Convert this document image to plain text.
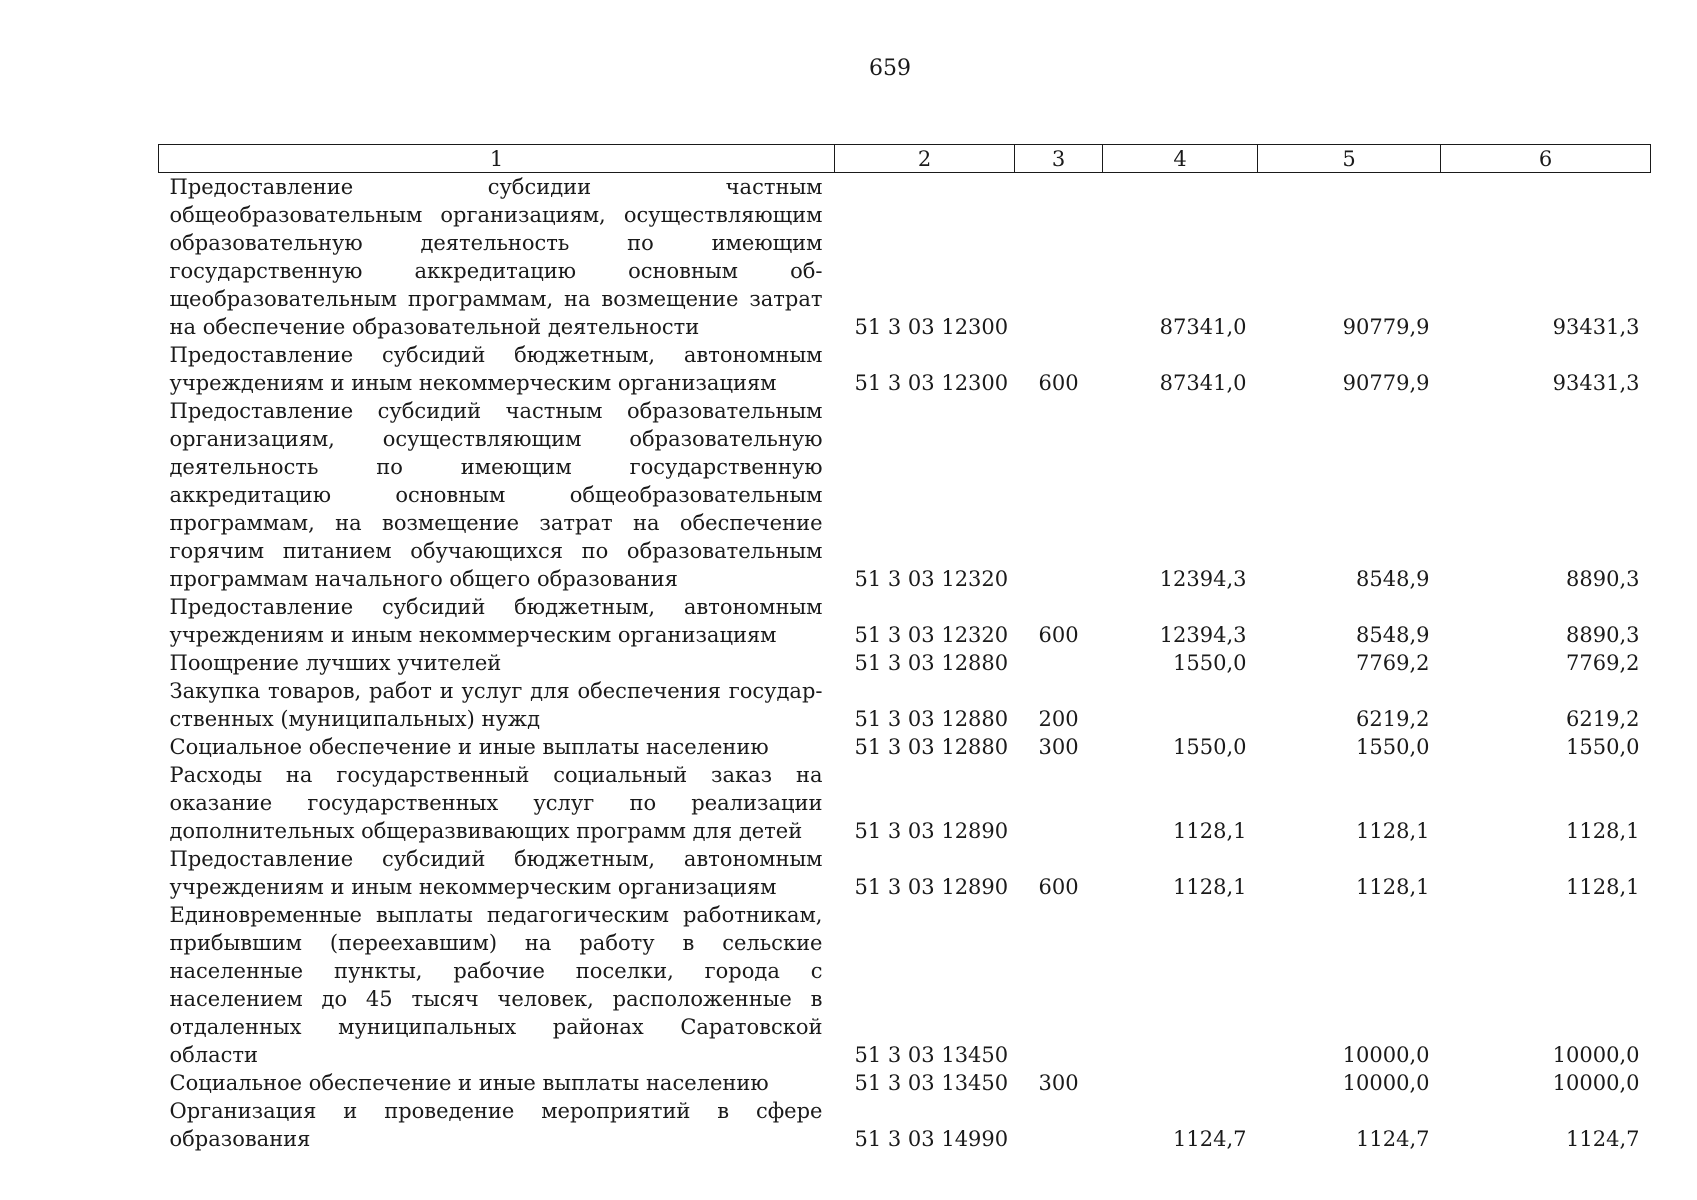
659
1	2	3	4	5	6
Предоставление субсидии частным общеобразовательным организациям, осуществляющим образовательную деятельность по имеющим государственную аккредитацию основным общеобразовательным программам, на возмещение затрат на обеспечение образовательной деятельности	51 3 03 12300		87341,0	90779,9	93431,3
Предоставление субсидий бюджетным, автономным учреждениям и иным некоммерческим организациям	51 3 03 12300	600	87341,0	90779,9	93431,3
Предоставление субсидий частным образовательным организациям, осуществляющим образовательную деятельность по имеющим государственную аккредитацию основным общеобразовательным программам, на возмещение затрат на обеспечение горячим питанием обучающихся по образовательным программам начального общего образования	51 3 03 12320		12394,3	8548,9	8890,3
Предоставление субсидий бюджетным, автономным учреждениям и иным некоммерческим организациям	51 3 03 12320	600	12394,3	8548,9	8890,3
Поощрение лучших учителей	51 3 03 12880		1550,0	7769,2	7769,2
Закупка товаров, работ и услуг для обеспечения государственных (муниципальных) нужд	51 3 03 12880	200		6219,2	6219,2
Социальное обеспечение и иные выплаты населению	51 3 03 12880	300	1550,0	1550,0	1550,0
Расходы на государственный социальный заказ на оказание государственных услуг по реализации дополнительных общеразвивающих программ для детей	51 3 03 12890		1128,1	1128,1	1128,1
Предоставление субсидий бюджетным, автономным учреждениям и иным некоммерческим организациям	51 3 03 12890	600	1128,1	1128,1	1128,1
Единовременные выплаты педагогическим работникам, прибывшим (переехавшим) на работу в сельские населенные пункты, рабочие поселки, города с населением до 45 тысяч человек, расположенные в отдаленных муниципальных районах Саратовской области	51 3 03 13450			10000,0	10000,0
Социальное обеспечение и иные выплаты населению	51 3 03 13450	300		10000,0	10000,0
Организация и проведение мероприятий в сфере образования	51 3 03 14990		1124,7	1124,7	1124,7
